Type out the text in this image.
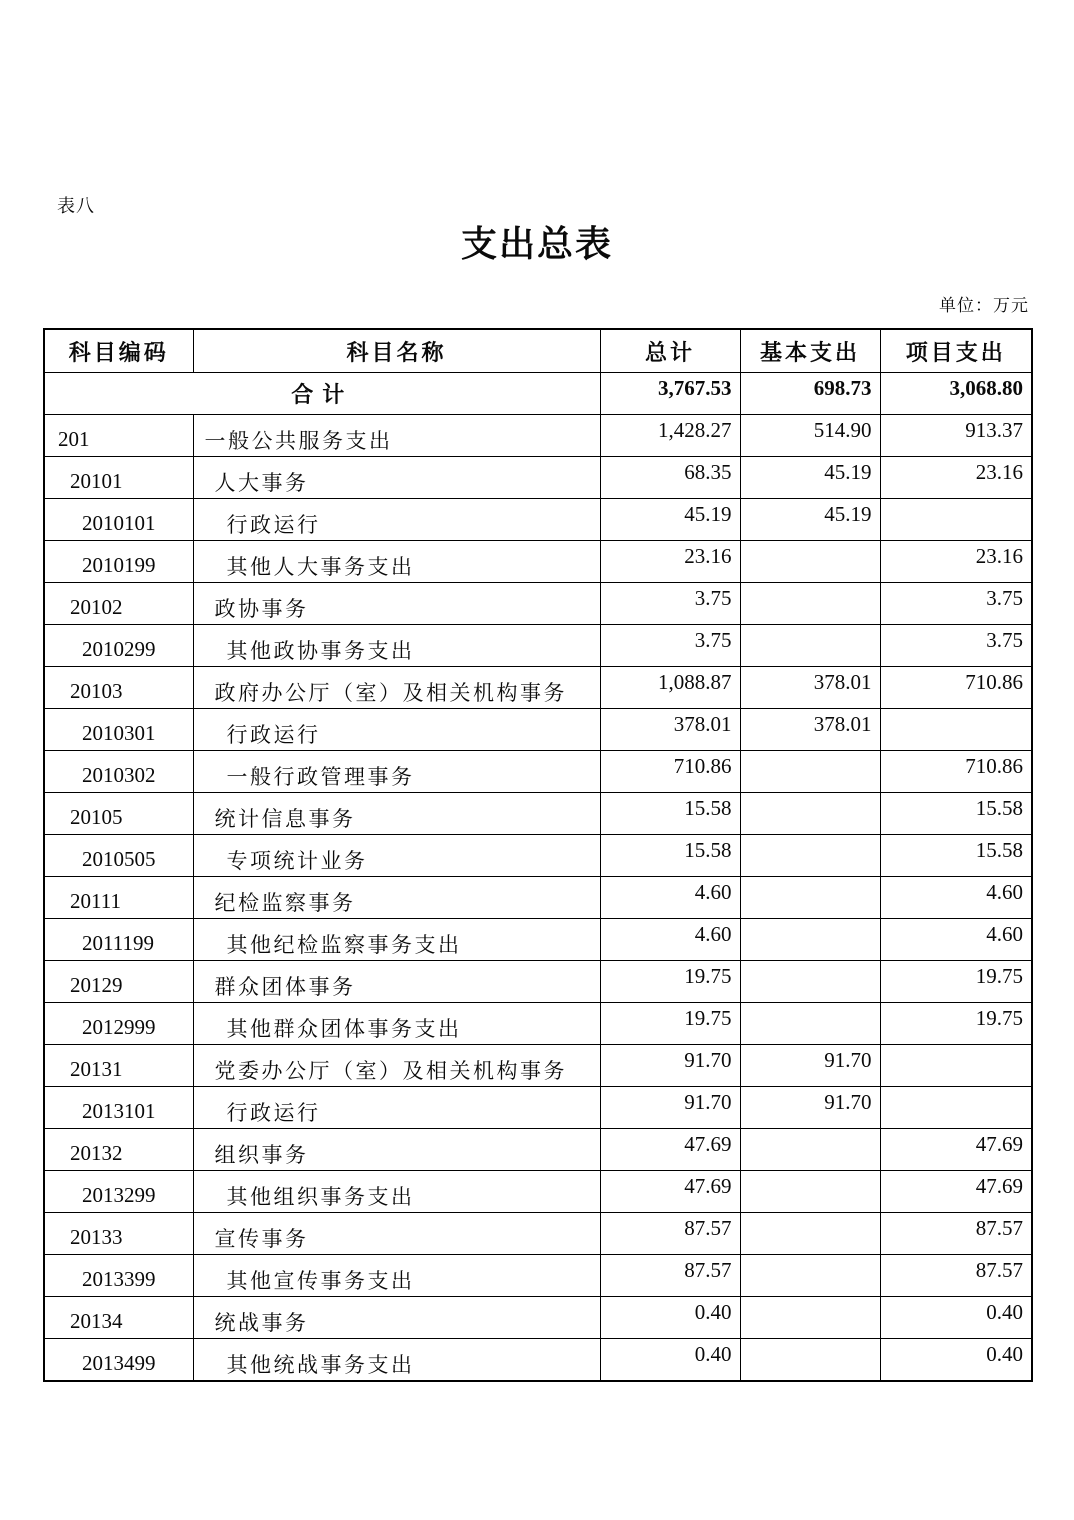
表八
支出总表
单位：万元
科目编码	科目名称	总计	基本支出	项目支出
合计		3,767.53	698.73	3,068.80
201	一般公共服务支出	1,428.27	514.90	913.37
20101	人大事务	68.35	45.19	23.16
2010101	行政运行	45.19	45.19	
2010199	其他人大事务支出	23.16		23.16
20102	政协事务	3.75		3.75
2010299	其他政协事务支出	3.75		3.75
20103	政府办公厅（室）及相关机构事务	1,088.87	378.01	710.86
2010301	行政运行	378.01	378.01	
2010302	一般行政管理事务	710.86		710.86
20105	统计信息事务	15.58		15.58
2010505	专项统计业务	15.58		15.58
20111	纪检监察事务	4.60		4.60
2011199	其他纪检监察事务支出	4.60		4.60
20129	群众团体事务	19.75		19.75
2012999	其他群众团体事务支出	19.75		19.75
20131	党委办公厅（室）及相关机构事务	91.70	91.70	
2013101	行政运行	91.70	91.70	
20132	组织事务	47.69		47.69
2013299	其他组织事务支出	47.69		47.69
20133	宣传事务	87.57		87.57
2013399	其他宣传事务支出	87.57		87.57
20134	统战事务	0.40		0.40
2013499	其他统战事务支出	0.40		0.40
